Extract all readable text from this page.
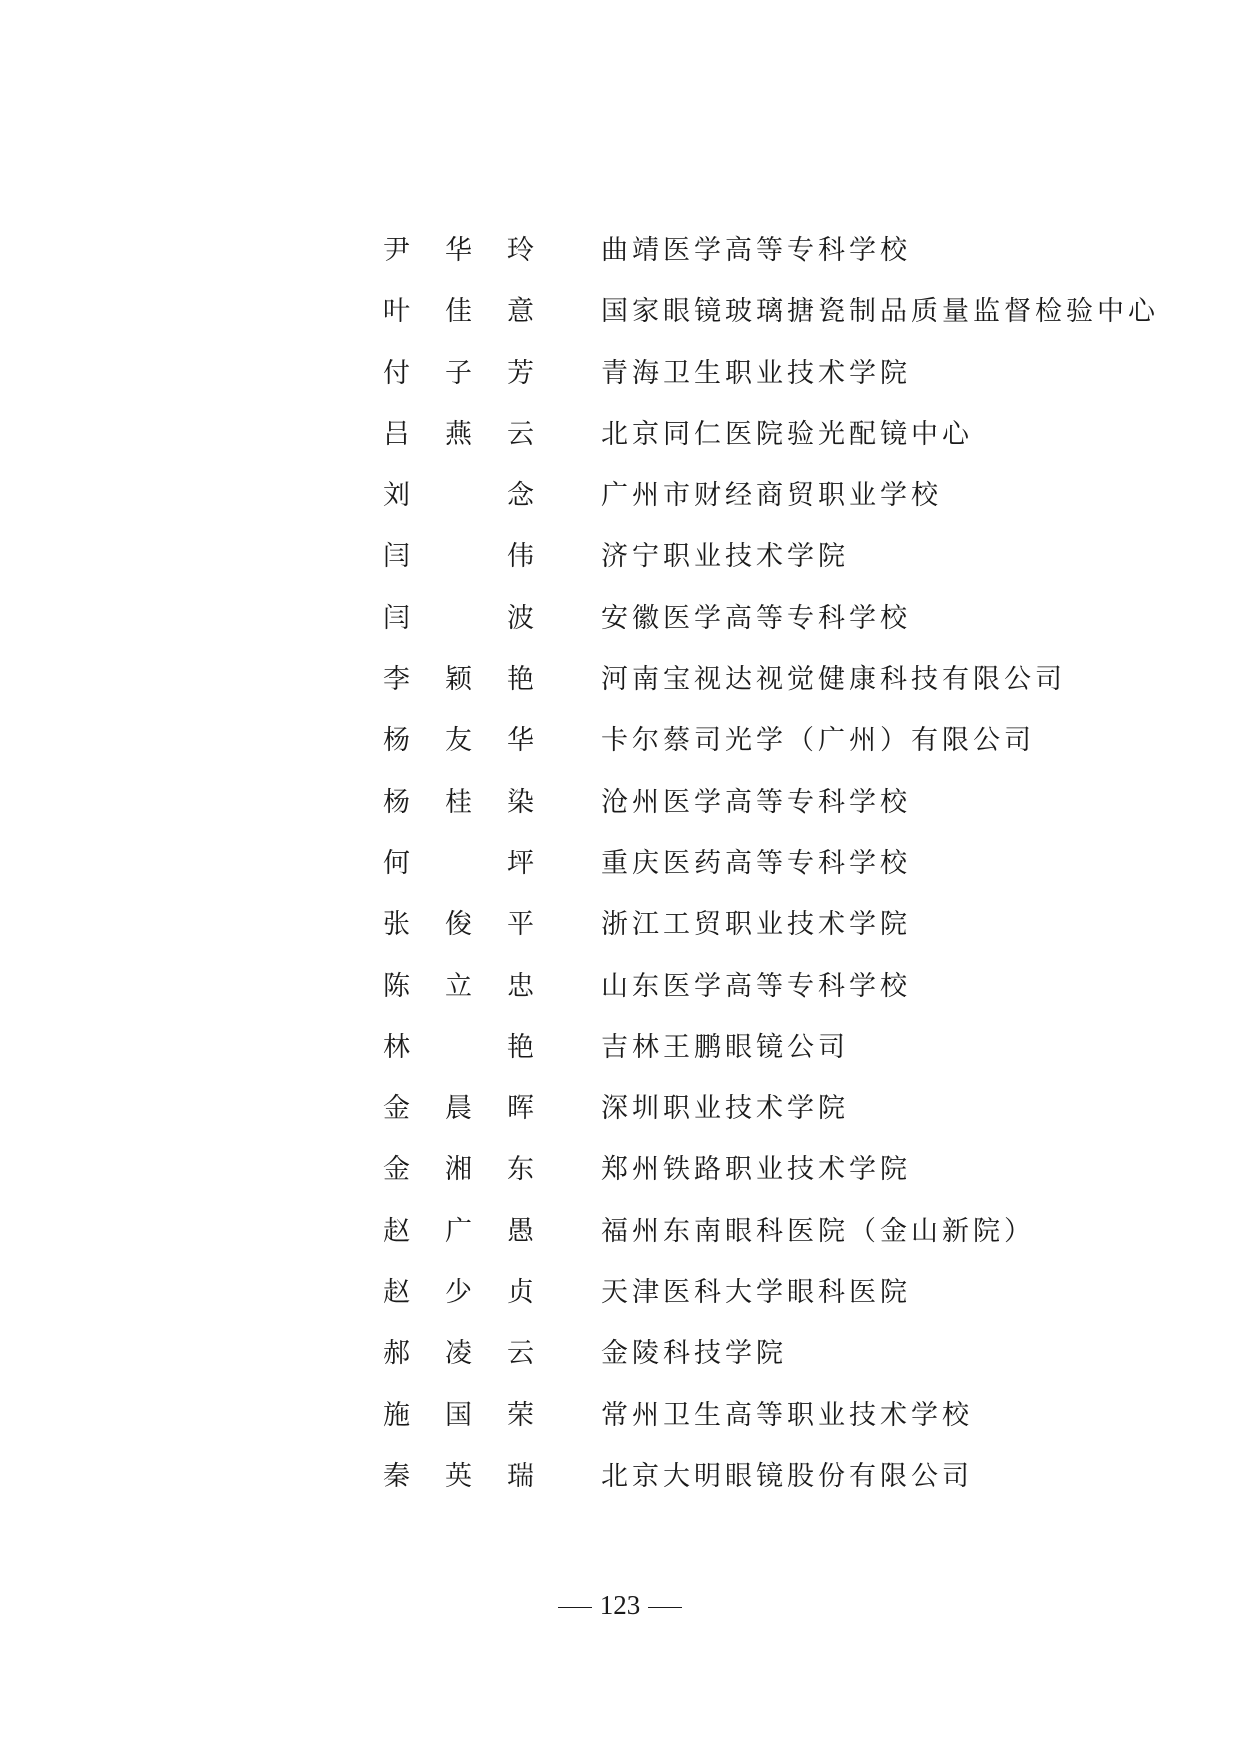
尹华玲 曲靖医学高等专科学校
叶佳意 国家眼镜玻璃搪瓷制品质量监督检验中心
付子芳 青海卫生职业技术学院
吕燕云 北京同仁医院验光配镜中心
刘　念 广州市财经商贸职业学校
闫　伟 济宁职业技术学院
闫　波 安徽医学高等专科学校
李颖艳 河南宝视达视觉健康科技有限公司
杨友华 卡尔蔡司光学（广州）有限公司
杨桂染 沧州医学高等专科学校
何　坪 重庆医药高等专科学校
张俊平 浙江工贸职业技术学院
陈立忠 山东医学高等专科学校
林　艳 吉林王鹏眼镜公司
金晨晖 深圳职业技术学院
金湘东 郑州铁路职业技术学院
赵广愚 福州东南眼科医院（金山新院）
赵少贞 天津医科大学眼科医院
郝凌云 金陵科技学院
施国荣 常州卫生高等职业技术学校
秦英瑞 北京大明眼镜股份有限公司
123
